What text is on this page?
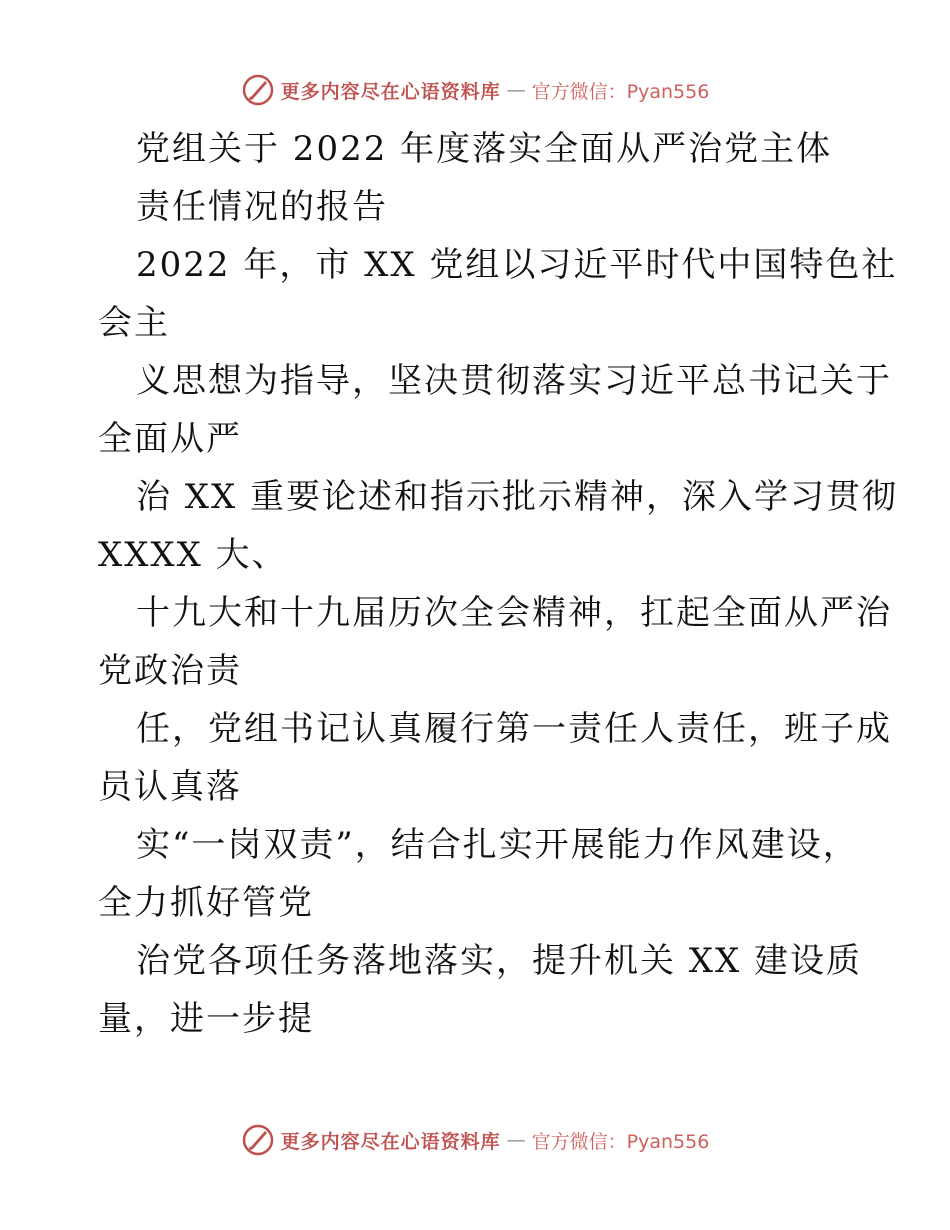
更多内容尽在心语资料库 — 官方微信：Pyan556
党组关于 2022 年度落实全面从严治党主体
责任情况的报告
2022 年，市 XX 党组以习近平时代中国特色社
会主
义思想为指导，坚决贯彻落实习近平总书记关于
全面从严
治 XX 重要论述和指示批示精神，深入学习贯彻
XXXX 大、
十九大和十九届历次全会精神，扛起全面从严治
党政治责
任，党组书记认真履行第一责任人责任，班子成
员认真落
实“一岗双责”，结合扎实开展能力作风建设，
全力抓好管党
治党各项任务落地落实，提升机关 XX 建设质
量，进一步提
更多内容尽在心语资料库 — 官方微信：Pyan556
